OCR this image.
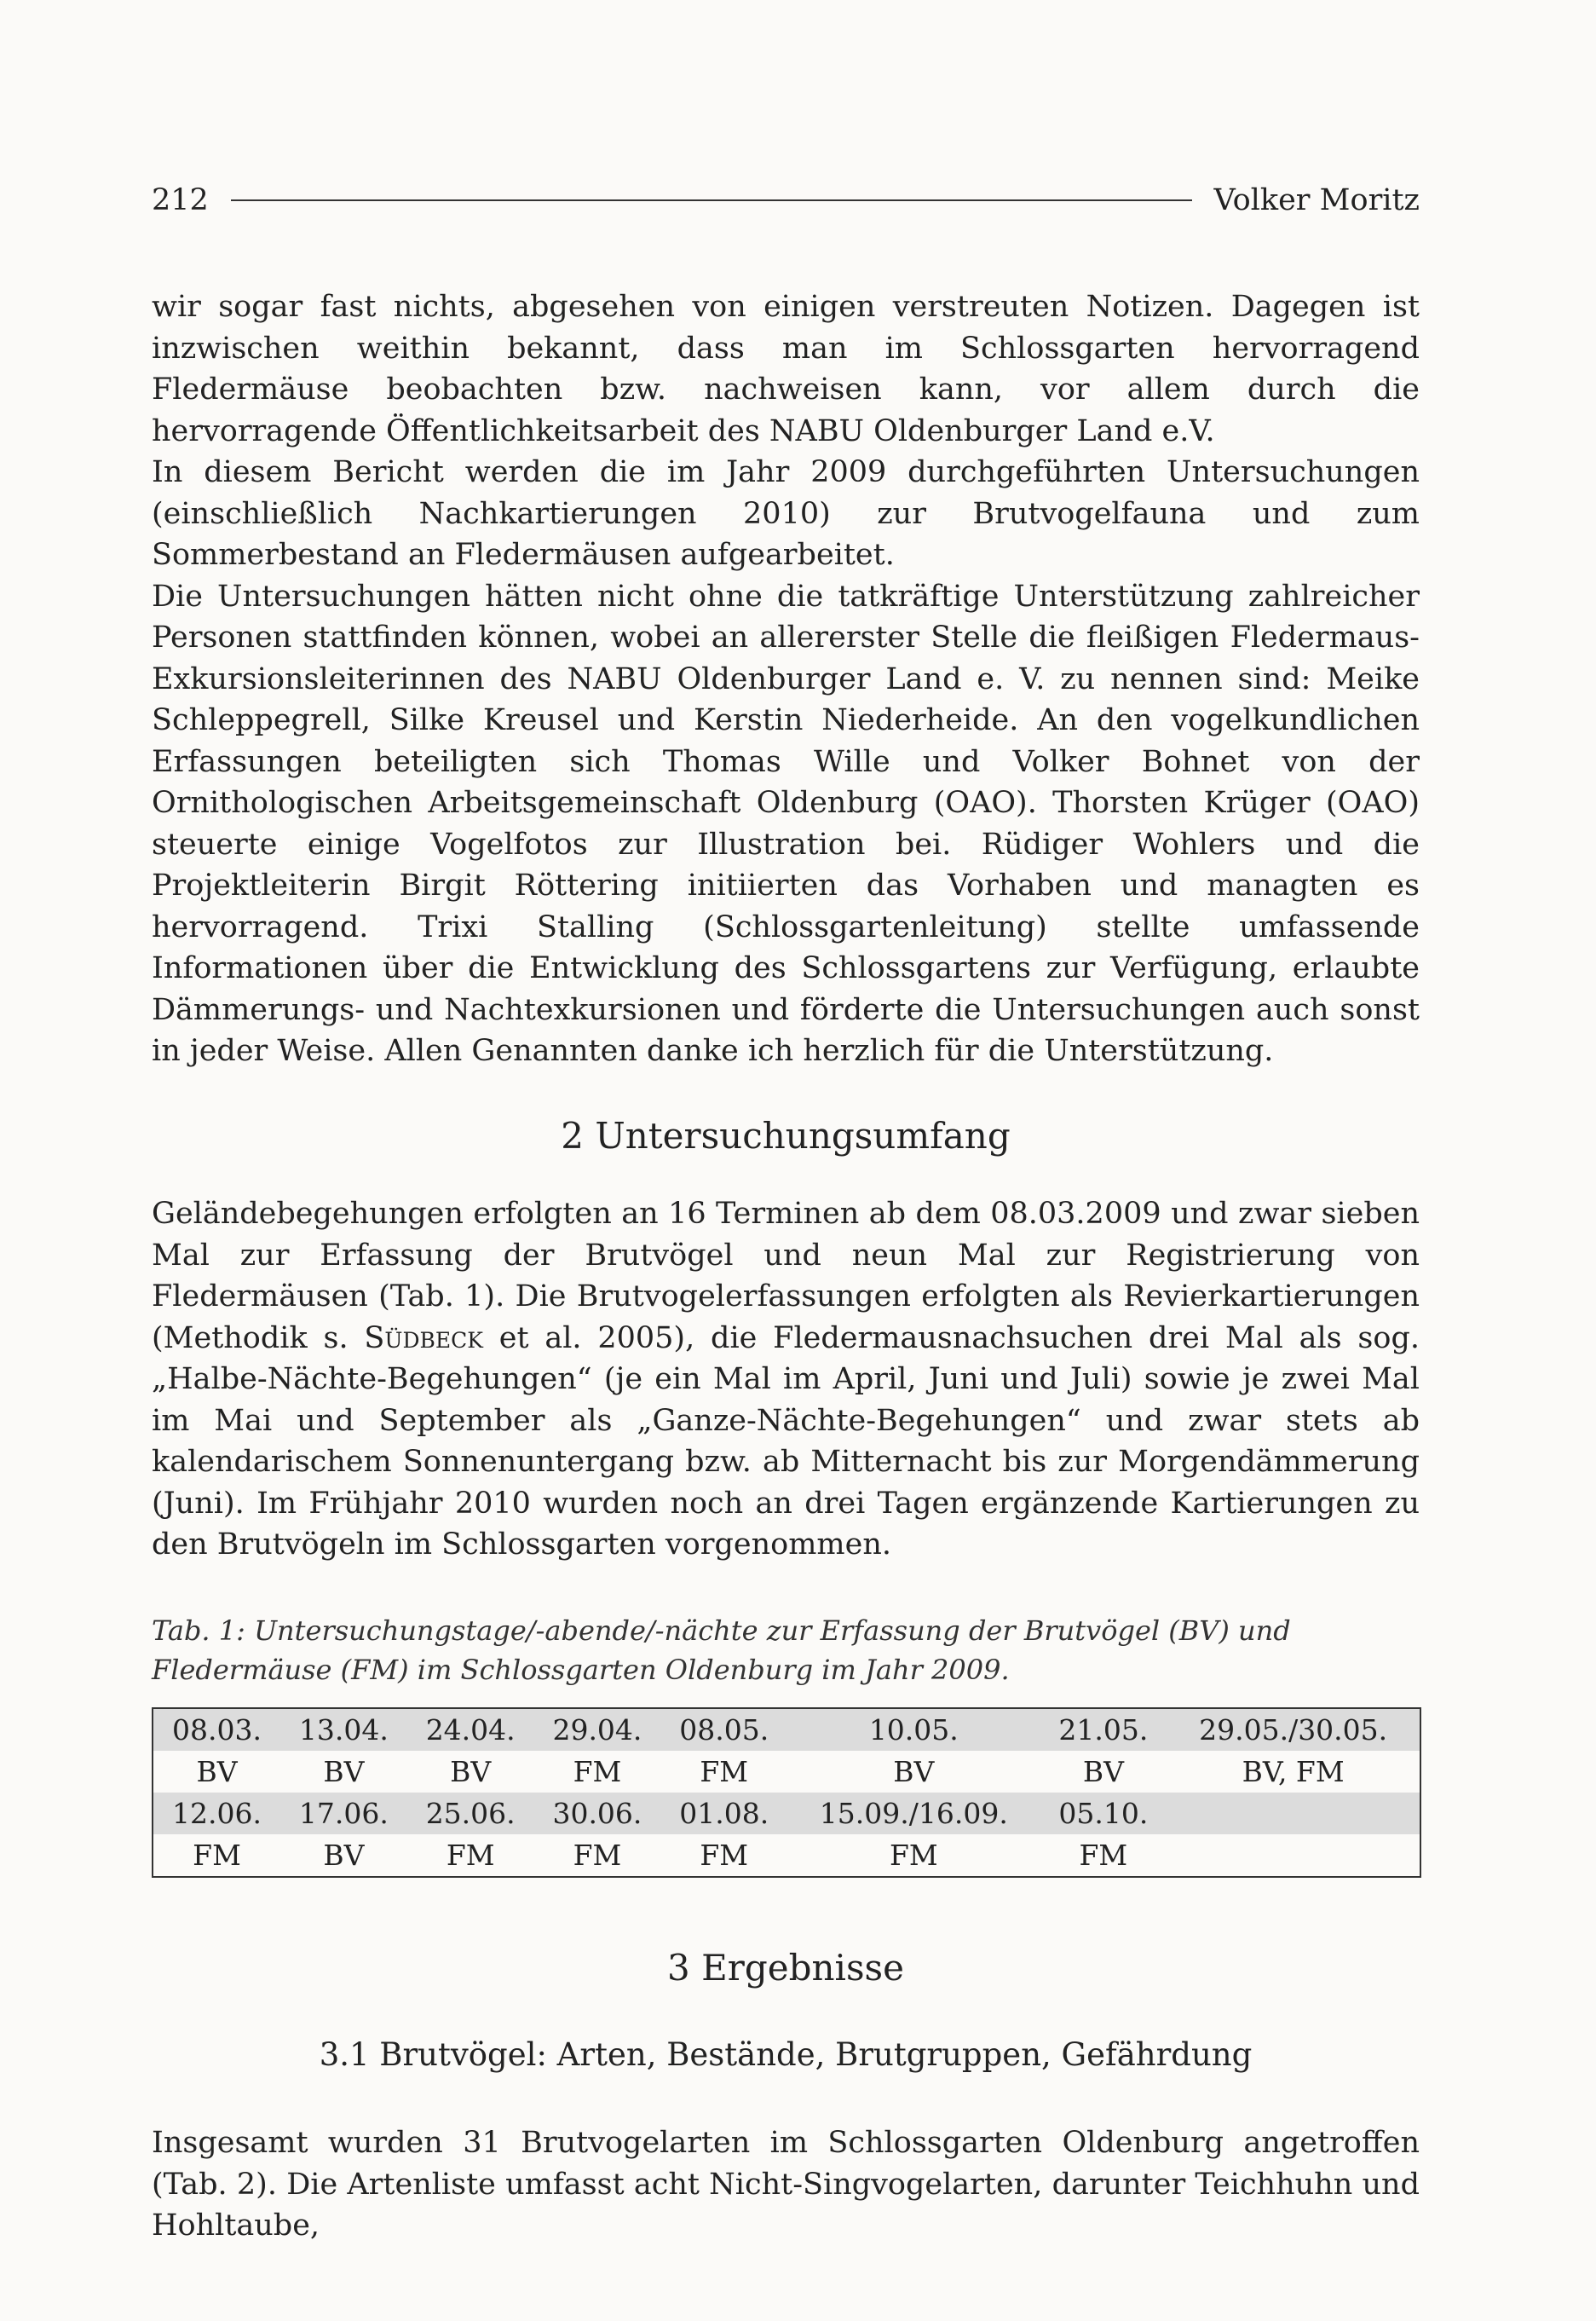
212	Volker Moritz

wir sogar fast nichts, abgesehen von einigen verstreuten Notizen. Dagegen ist inzwischen weithin bekannt, dass man im Schlossgarten hervorragend Fledermäuse beobachten bzw. nachweisen kann, vor allem durch die hervorragende Öffentlichkeitsarbeit des NABU Oldenburger Land e.V.

In diesem Bericht werden die im Jahr 2009 durchgeführten Untersuchungen (einschließlich Nachkartierungen 2010) zur Brutvogelfauna und zum Sommerbestand an Fledermäusen aufgearbeitet.

Die Untersuchungen hätten nicht ohne die tatkräftige Unterstützung zahlreicher Personen stattfinden können, wobei an allererster Stelle die fleißigen Fledermaus-Exkursionsleiterinnen des NABU Oldenburger Land e. V. zu nennen sind: Meike Schleppegrell, Silke Kreusel und Kerstin Niederheide. An den vogelkundlichen Erfassungen beteiligten sich Thomas Wille und Volker Bohnet von der Ornithologischen Arbeitsgemeinschaft Oldenburg (OAO). Thorsten Krüger (OAO) steuerte einige Vogelfotos zur Illustration bei. Rüdiger Wohlers und die Projektleiterin Birgit Röttering initiierten das Vorhaben und managten es hervorragend. Trixi Stalling (Schlossgartenleitung) stellte umfassende Informationen über die Entwicklung des Schlossgartens zur Verfügung, erlaubte Dämmerungs- und Nachtexkursionen und förderte die Untersuchungen auch sonst in jeder Weise. Allen Genannten danke ich herzlich für die Unterstützung.

2 Untersuchungsumfang

Geländebegehungen erfolgten an 16 Terminen ab dem 08.03.2009 und zwar sieben Mal zur Erfassung der Brutvögel und neun Mal zur Registrierung von Fledermäusen (Tab. 1). Die Brutvogelerfassungen erfolgten als Revierkartierungen (Methodik s. Südbeck et al. 2005), die Fledermausnachsuchen drei Mal als sog. „Halbe-Nächte-Begehungen“ (je ein Mal im April, Juni und Juli) sowie je zwei Mal im Mai und September als „Ganze-Nächte-Begehungen“ und zwar stets ab kalendarischem Sonnenuntergang bzw. ab Mitternacht bis zur Morgendämmerung (Juni). Im Frühjahr 2010 wurden noch an drei Tagen ergänzende Kartierungen zu den Brutvögeln im Schlossgarten vorgenommen.

Tab. 1: Untersuchungstage/-abende/-nächte zur Erfassung der Brutvögel (BV) und Fledermäuse (FM) im Schlossgarten Oldenburg im Jahr 2009.
08.03.	13.04.	24.04.	29.04.	08.05.	10.05.	21.05.	29.05./30.05.
BV	BV	BV	FM	FM	BV	BV	BV, FM
12.06.	17.06.	25.06.	30.06.	01.08.	15.09./16.09.	05.10.	
FM	BV	FM	FM	FM	FM	FM	
3 Ergebnisse
3.1 Brutvögel: Arten, Bestände, Brutgruppen, Gefährdung

Insgesamt wurden 31 Brutvogelarten im Schlossgarten Oldenburg angetroffen (Tab. 2). Die Artenliste umfasst acht Nicht-Singvogelarten, darunter Teichhuhn und Hohltaube,
